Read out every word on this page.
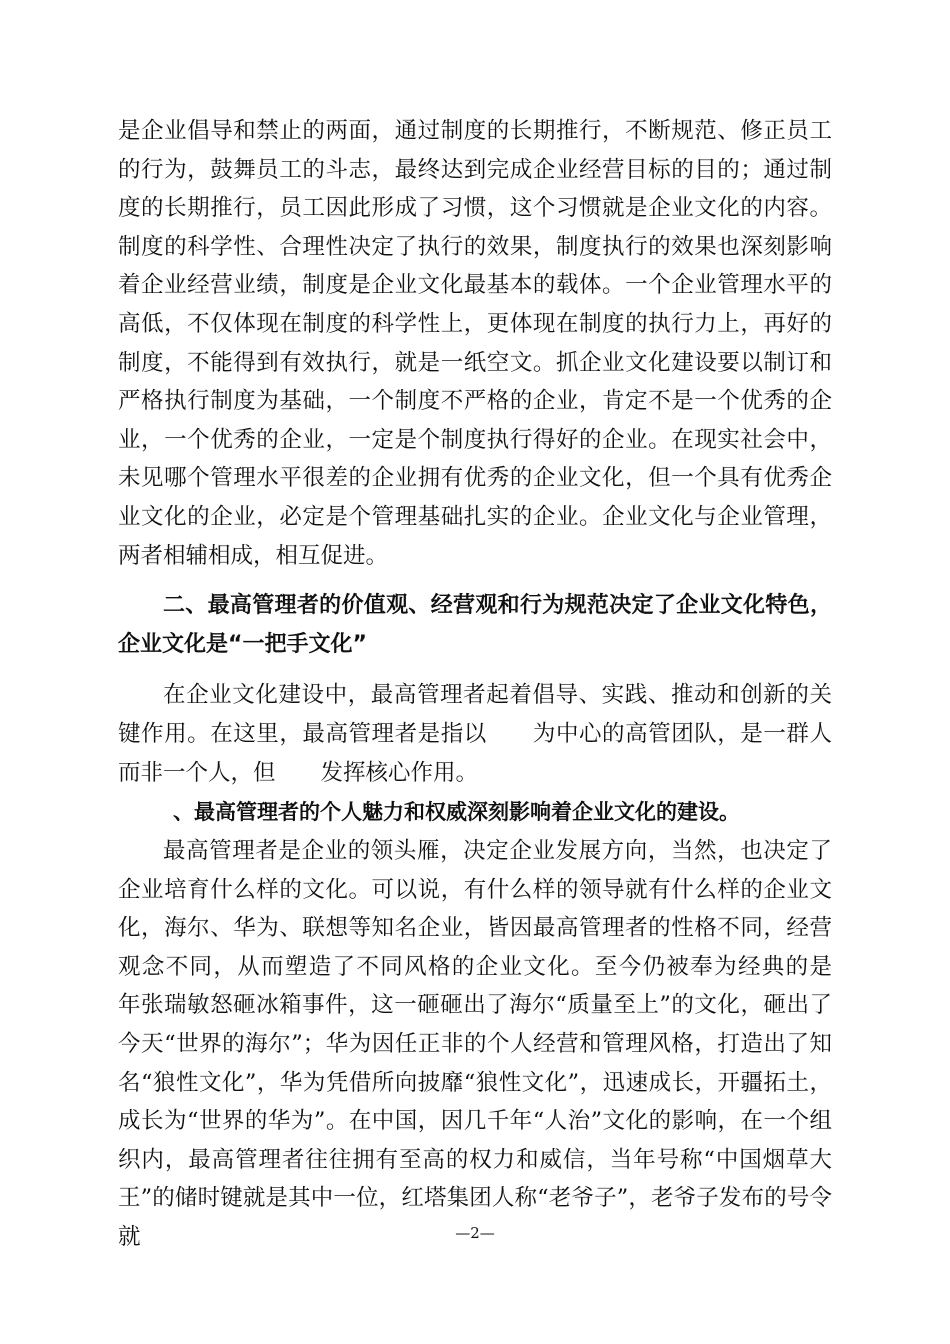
是企业倡导和禁止的两面，通过制度的长期推行，不断规范、修正员工的行为，鼓舞员工的斗志，最终达到完成企业经营目标的目的；通过制度的长期推行，员工因此形成了习惯，这个习惯就是企业文化的内容。制度的科学性、合理性决定了执行的效果，制度执行的效果也深刻影响着企业经营业绩，制度是企业文化最基本的载体。一个企业管理水平的高低，不仅体现在制度的科学性上，更体现在制度的执行力上，再好的制度，不能得到有效执行，就是一纸空文。抓企业文化建设要以制订和严格执行制度为基础，一个制度不严格的企业，肯定不是一个优秀的企业，一个优秀的企业，一定是个制度执行得好的企业。在现实社会中，未见哪个管理水平很差的企业拥有优秀的企业文化，但一个具有优秀企业文化的企业，必定是个管理基础扎实的企业。企业文化与企业管理，两者相辅相成，相互促进。

二、最高管理者的价值观、经营观和行为规范决定了企业文化特色，企业文化是“一把手文化”

在企业文化建设中，最高管理者起着倡导、实践、推动和创新的关键作用。在这里，最高管理者是指以　　为中心的高管团队，是一群人而非一个人，但　　发挥核心作用。

、最高管理者的个人魅力和权威深刻影响着企业文化的建设。

最高管理者是企业的领头雁，决定企业发展方向，当然，也决定了企业培育什么样的文化。可以说，有什么样的领导就有什么样的企业文化，海尔、华为、联想等知名企业，皆因最高管理者的性格不同，经营观念不同，从而塑造了不同风格的企业文化。至今仍被奉为经典的是　　　年张瑞敏怒砸冰箱事件，这一砸砸出了海尔“质量至上”的文化，砸出了今天“世界的海尔”；华为因任正非的个人经营和管理风格，打造出了知名“狼性文化”，华为凭借所向披靡“狼性文化”，迅速成长，开疆拓土，成长为“世界的华为”。在中国，因几千年“人治”文化的影响，在一个组织内，最高管理者往往拥有至高的权力和威信，当年号称“中国烟草大王”的储时键就是其中一位，红塔集团人称“老爷子”，老爷子发布的号令就	—2—
